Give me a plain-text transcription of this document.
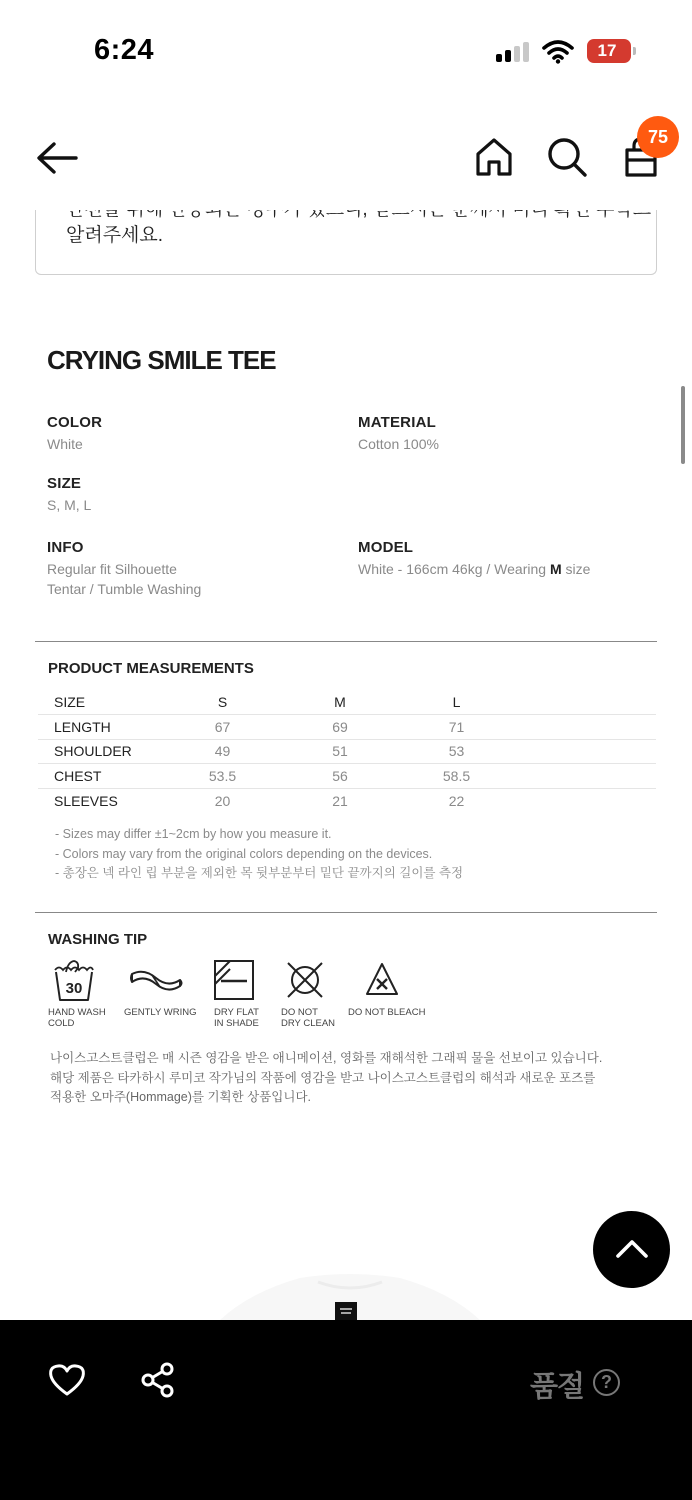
6:24	17
알려주세요.
75
CRYING SMILE TEE
COLOR
White
MATERIAL
Cotton 100%
SIZE
S, M, L
INFO
Regular fit Silhouette
Tentar / Tumble Washing
MODEL
White - 166cm 46kg / Wearing M size
PRODUCT MEASUREMENTS
SIZE	S	M	L	
LENGTH	67	69	71	
SHOULDER	49	51	53	
CHEST	53.5	56	58.5	
SLEEVES	20	21	22	
- Sizes may differ ±1~2cm by how you measure it.
- Colors may vary from the original colors depending on the devices.
- 총장은 넥 라인 립 부분을 제외한 목 뒷부분부터 밑단 끝까지의 길이를 측정
WASHING TIP
30
HAND WASH
COLD
GENTLY WRING DRY FLAT
IN SHADE
DO NOT
DRY CLEAN
DO NOT BLEACH
나이스고스트클럽은 매 시즌 영감을 받은 애니메이션, 영화를 재해석한 그래픽 물을 선보이고 있습니다.
해당 제품은 타카하시 루미코 작가님의 작품에 영감을 받고 나이스고스트클럽의 해석과 새로운 포즈를
적용한 오마주(Hommage)를 기획한 상품입니다.
품절 ?
